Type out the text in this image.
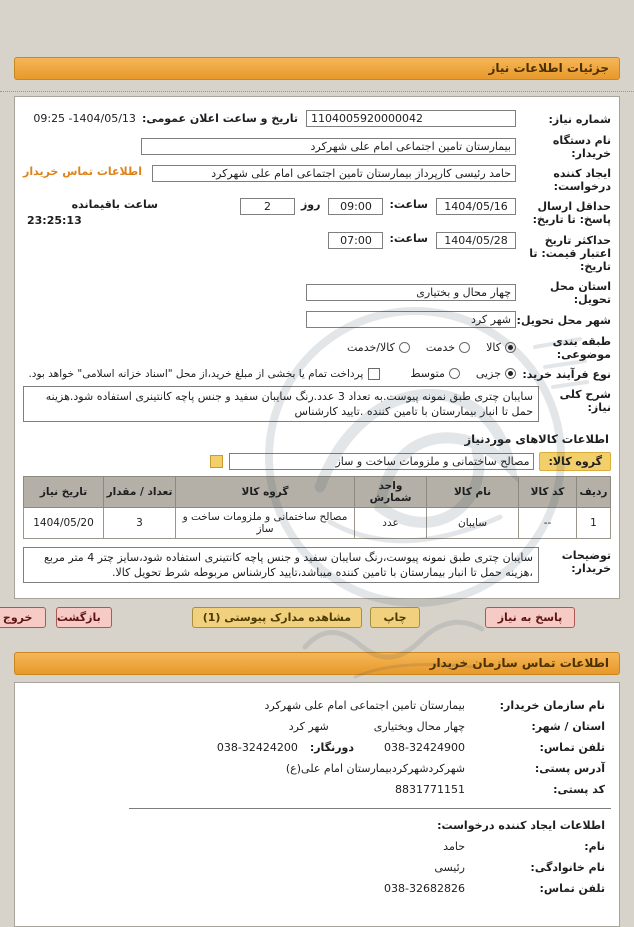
جزئیات اطلاعات نیاز
شماره نیاز:
1104005920000042
تاریخ و ساعت اعلان عمومی:
1404/05/13- 09:25
نام دستگاه خریدار:
بیمارستان تامین اجتماعی امام علی شهرکرد
ایجاد کننده درخواست:
حامد رئیسی کارپرداز بیمارستان تامین اجتماعی امام علی شهرکرد
اطلاعات تماس خریدار
حداقل ارسال پاسخ: تا تاریخ:
1404/05/16
ساعت:
09:00
روز
2
ساعت باقیمانده
23:25:13
حداکثر تاریخ اعتبار قیمت: تا تاریخ:
1404/05/28
ساعت:
07:00
استان محل تحویل:
چهار محال و بختیاری
شهر محل تحویل:
شهر کرد
طبقه بندی موضوعی:
کالا
خدمت
کالا/خدمت
نوع فرآیند خرید:
جزیی
متوسط
پرداخت تمام یا بخشی از مبلغ خرید،از محل "اسناد خزانه اسلامی" خواهد بود.
شرح کلی نیاز:
سایبان چتری طبق نمونه پیوست.به تعداد 3 عدد.رنگ سایبان سفید و جنس پاچه کانتینری استفاده شود.هزینه حمل تا انبار بیمارستان با تامین کننده .تایید کارشناس
اطلاعات کالاهای موردنیاز
گروه کالا:
مصالح ساختمانی و ملزومات ساخت و ساز
ردیف	کد کالا	نام کالا	واحد شمارش	گروه کالا	تعداد / مقدار	تاریخ نیاز
1	--	سایبان	عدد	مصالح ساختمانی و ملزومات ساخت و ساز	3	1404/05/20
توضیحات خریدار:
سایبان چتری طبق نمونه پیوست،رنگ سایبان سفید و جنس پاچه کانتینری استفاده شود،سایز چتر 4 متر مربع ،هزینه حمل تا انبار بیمارستان با تامین کننده میباشد،تایید کارشناس مربوطه شرط تحویل کالا.
پاسخ به نیاز
چاپ
مشاهده مدارک پیوستی (1)
بازگشت
خروج
اطلاعات تماس سازمان خریدار
نام سازمان خریدار:
بیمارستان تامین اجتماعی امام علی شهرکرد
استان / شهر:
چهار محال وبختیاری
شهر کرد
تلفن تماس:
038-32424900
دورنگار:
038-32424200
آدرس پستی:
شهرکردشهرکردبیمارستان امام علی(ع)
کد پستی:
8831771151
اطلاعات ایجاد کننده درخواست:
نام:
حامد
نام خانوادگی:
رئیسی
تلفن تماس:
038-32682826
